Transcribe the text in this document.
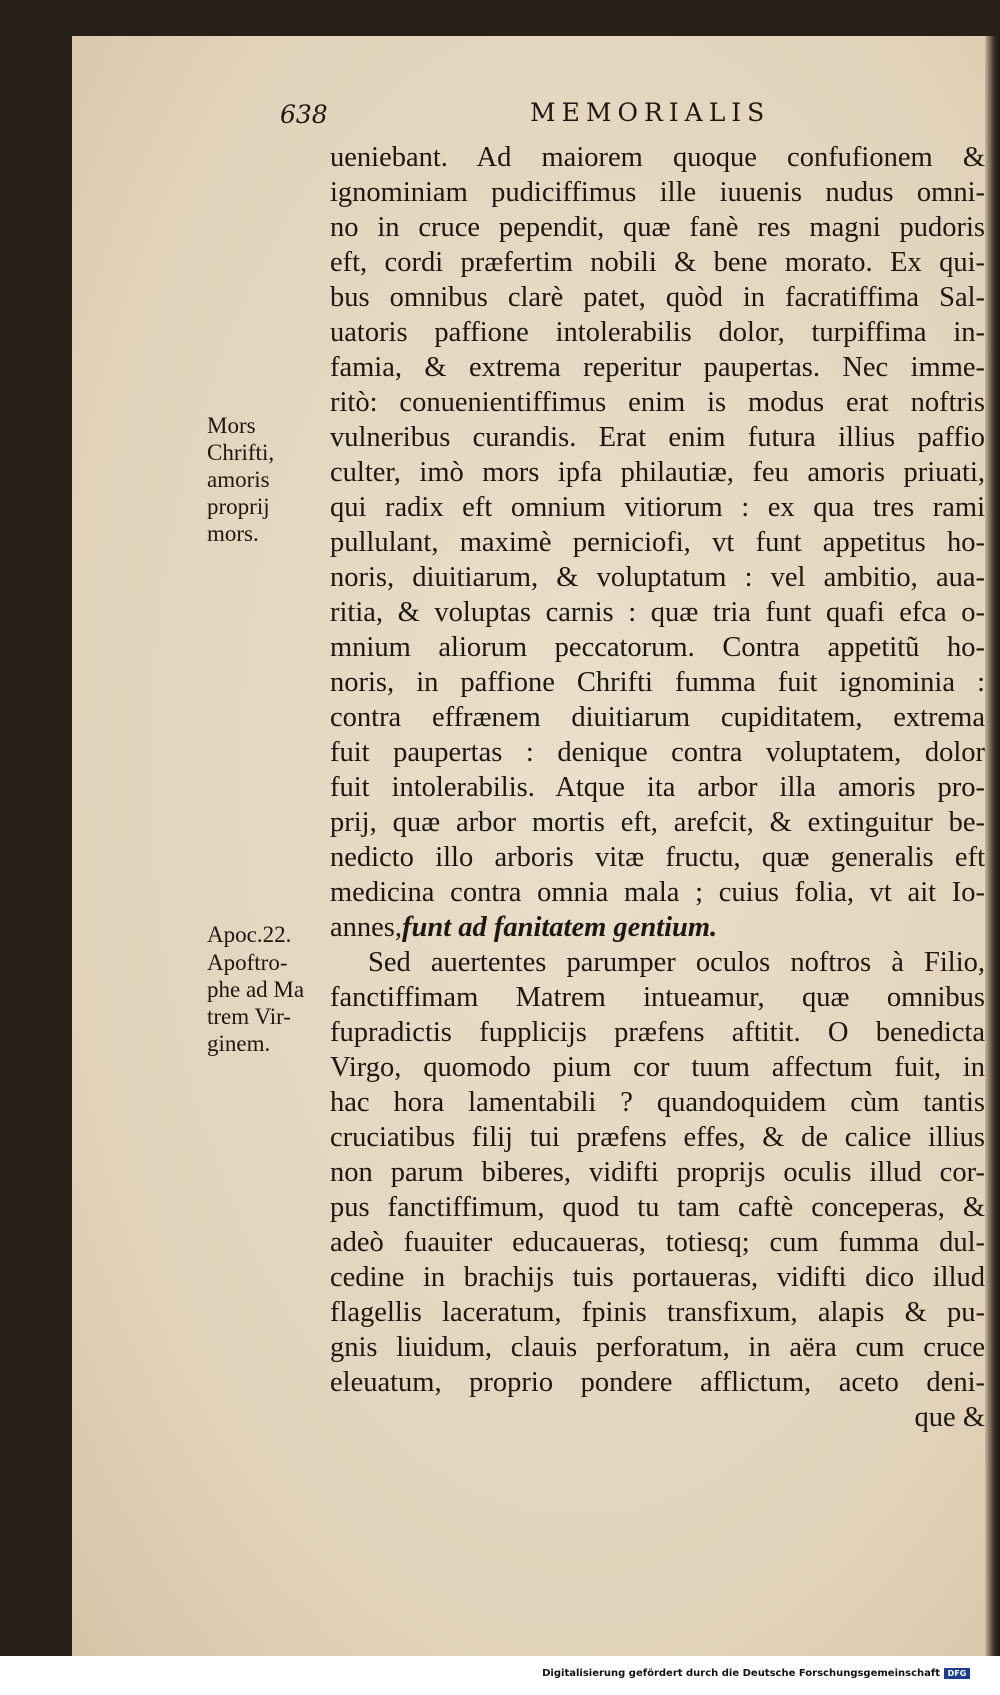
638	MEMORIALIS
Mors
Chrifti,
amoris
proprij
mors.
Apoc.22.
Apoftro-
phe ad Ma
trem Vir-
ginem.
ueniebant. Ad maiorem quoque confufionem &
ignominiam pudiciffimus ille iuuenis nudus omni-
no in cruce pependit, quæ fanè res magni pudoris
eft, cordi præfertim nobili & bene morato. Ex qui-
bus omnibus clarè patet, quòd in facratiffima Sal-
uatoris paffione intolerabilis dolor, turpiffima in-
famia, & extrema reperitur paupertas. Nec imme-
ritò: conuenientiffimus enim is modus erat noftris
vulneribus curandis. Erat enim futura illius paffio
culter, imò mors ipfa philautiæ, feu amoris priuati,
qui radix eft omnium vitiorum : ex qua tres rami
pullulant, maximè perniciofi, vt funt appetitus ho-
noris, diuitiarum, & voluptatum : vel ambitio, aua-
ritia, & voluptas carnis : quæ tria funt quafi efca o-
mnium aliorum peccatorum. Contra appetitũ ho-
noris, in paffione Chrifti fumma fuit ignominia :
contra effrænem diuitiarum cupiditatem, extrema
fuit paupertas : denique contra voluptatem, dolor
fuit intolerabilis. Atque ita arbor illa amoris pro-
prij, quæ arbor mortis eft, arefcit, & extinguitur be-
nedicto illo arboris vitæ fructu, quæ generalis eft
medicina contra omnia mala ; cuius folia, vt ait Io-
annes,funt ad fanitatem gentium.
Sed auertentes parumper oculos noftros à Filio,
fanctiffimam Matrem intueamur, quæ omnibus
fupradictis fupplicijs præfens aftitit. O benedicta
Virgo, quomodo pium cor tuum affectum fuit, in
hac hora lamentabili ? quandoquidem cùm tantis
cruciatibus filij tui præfens effes, & de calice illius
non parum biberes, vidifti proprijs oculis illud cor-
pus fanctiffimum, quod tu tam caftè conceperas, &
adeò fuauiter educaueras, totiesq; cum fumma dul-
cedine in brachijs tuis portaueras, vidifti dico illud
flagellis laceratum, fpinis transfixum, alapis & pu-
gnis liuidum, clauis perforatum, in aëra cum cruce
eleuatum, proprio pondere afflictum, aceto deni-
que &
Digitalisierung gefördert durch die Deutsche Forschungsgemeinschaft DFG
